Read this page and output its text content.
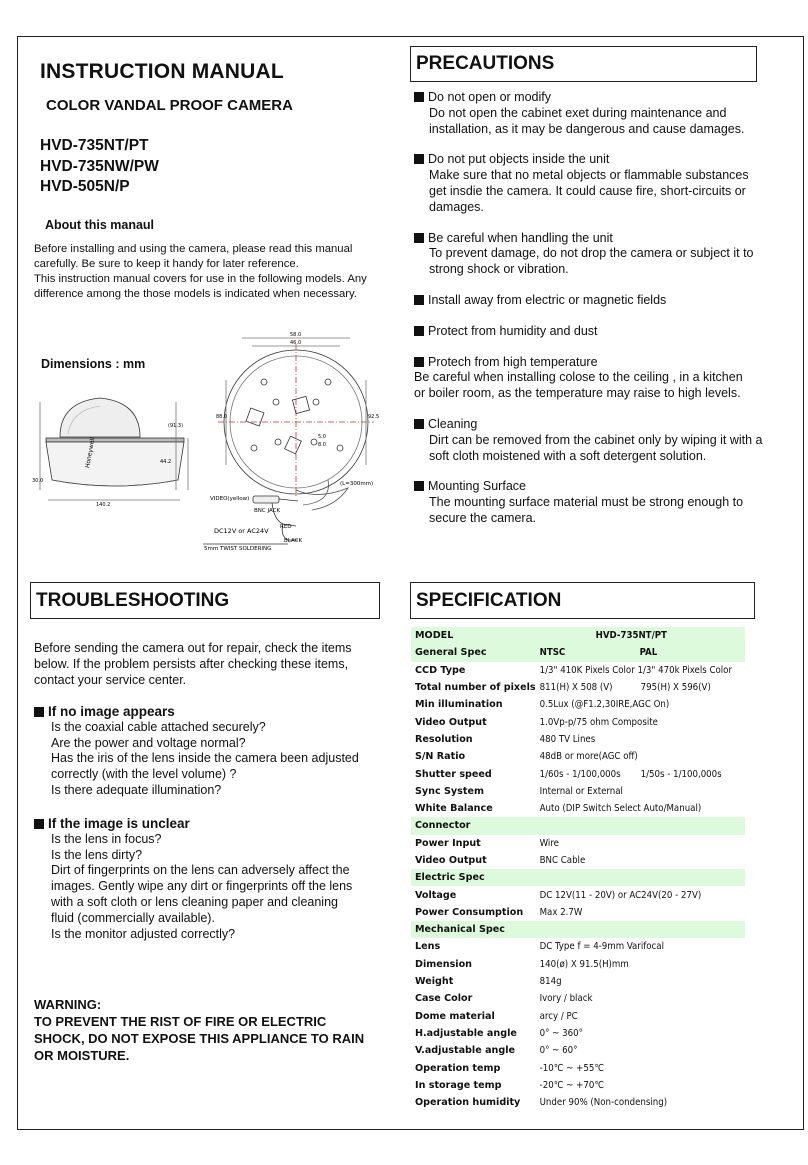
INSTRUCTION MANUAL
COLOR VANDAL PROOF CAMERA
HVD-735NT/PT
HVD-735NW/PW
HVD-505N/P
About this manaul
Before installing and using the camera, please read this manual carefully. Be sure to keep it handy for later reference.
This instruction manual covers for use in the following models. Any difference among the those models is indicated when necessary.
Dimensions : mm
Honeywell
(91.3)
44.2
30.0
140.2
58.0
46.0
88.0	92.5
5.0
8.0
(L=300mm)
VIDEO(yellow)
BNC JACK
DC12V or AC24V RED
BLACK
5mm TWIST SOLDERING
PRECAUTIONS
Do not open or modify
Do not open the cabinet exet during maintenance and installation, as it may be dangerous and cause damages.
Do not put objects inside the unit
Make sure that no metal objects or flammable substances get insdie the camera. It could cause fire, short-circuits or damages.
Be careful when handling the unit
To prevent damage, do not drop the camera or subject it to strong shock or vibration.
Install away from electric or magnetic fields
Protect from humidity and dust
Protech from high temperature
Be careful when installing colose to the ceiling , in a kitchen
or boiler room, as the temperature may raise to high levels.
Cleaning
Dirt can be removed from the cabinet only by wiping it with a soft cloth moistened with a soft detergent solution.
Mounting Surface
The mounting surface material must be strong enough to secure the camera.
TROUBLESHOOTING
Before sending the camera out for repair, check the items below. If the problem persists after checking these items, contact your service center.
If no image appears
Is the coaxial cable attached securely?
Are the power and voltage normal?
Has the iris of the lens inside the camera been adjusted correctly (with the level volume) ?
Is there adequate illumination?
If the image is unclear
Is the lens in focus?
Is the lens dirty?
Dirt of fingerprints on the lens can adversely affect the images. Gently wipe any dirt or fingerprints off the lens with a soft cloth or lens cleaning paper and cleaning fluid (commercially available).
Is the monitor adjusted correctly?
WARNING:
TO PREVENT THE RIST OF FIRE OR ELECTRIC SHOCK, DO NOT EXPOSE THIS APPLIANCE TO RAIN OR MOISTURE.
SPECIFICATION
MODEL	HVD-735NT/PT
General Spec	NTSC PAL
CCD Type	1/3" 410K Pixels Color 1/3" 470k Pixels Color
Total number of pixels	811(H) X 508 (V) 795(H) X 596(V)
Min illumination	0.5Lux (@F1.2,30IRE,AGC On)
Video Output	1.0Vp-p/75 ohm Composite
Resolution	480 TV Lines
S/N Ratio	48dB or more(AGC off)
Shutter speed	1/60s - 1/100,000s 1/50s - 1/100,000s
Sync System	Internal or External
White Balance	Auto (DIP Switch Select Auto/Manual)
Connector	
Power Input	Wire
Video Output	BNC Cable
Electric Spec	
Voltage	DC 12V(11 - 20V) or AC24V(20 - 27V)
Power Consumption	Max 2.7W
Mechanical Spec	
Lens	DC Type f = 4-9mm Varifocal
Dimension	140(ø) X 91.5(H)mm
Weight	814g
Case Color	Ivory / black
Dome material	arcy / PC
H.adjustable angle	0° ~ 360°
V.adjustable angle	0° ~ 60°
Operation temp	-10℃ ~ +55℃
In storage temp	-20℃ ~ +70℃
Operation humidity	Under 90% (Non-condensing)
